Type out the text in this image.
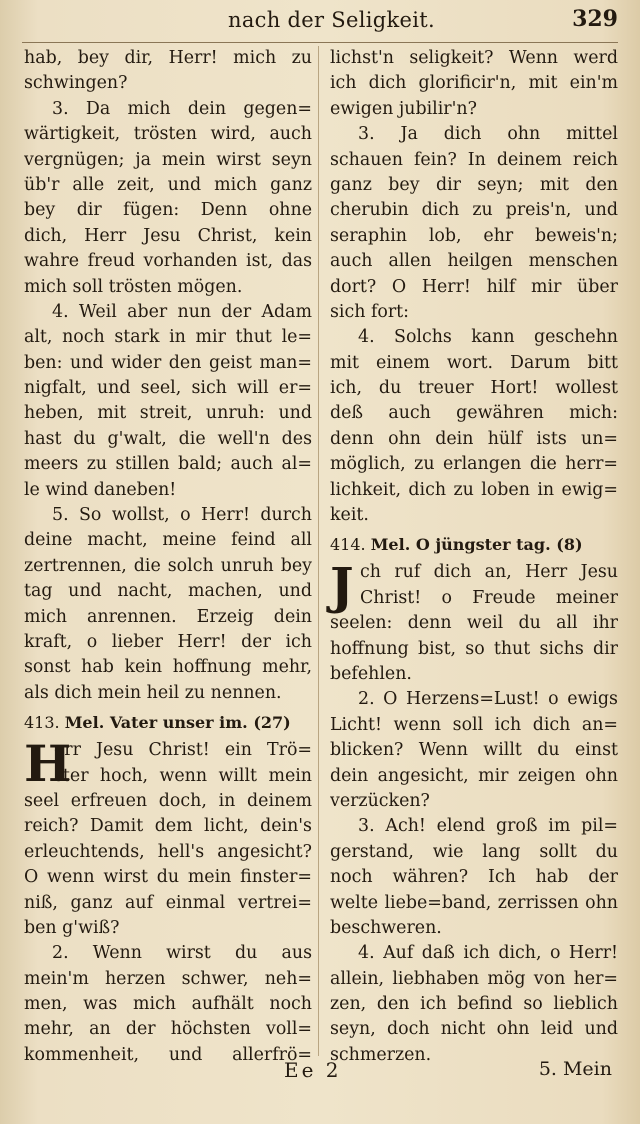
nach der Seligkeit.	329
hab, bey dir, Herr! mich zu
schwingen?
3. Da mich dein gegen=
wärtigkeit, trösten wird, auch
vergnügen; ja mein wirst seyn
üb'r alle zeit, und mich ganz
bey dir fügen: Denn ohne
dich, Herr Jesu Christ, kein
wahre freud vorhanden ist, das
mich soll trösten mögen.
4. Weil aber nun der Adam
alt, noch stark in mir thut le=
ben: und wider den geist man=
nigfalt, und seel, sich will er=
heben, mit streit, unruh: und
hast du g'walt, die well'n des
meers zu stillen bald; auch al=
le wind daneben!
5. So wollst, o Herr! durch
deine macht, meine feind all
zertrennen, die solch unruh bey
tag und nacht, machen, und
mich anrennen. Erzeig dein
kraft, o lieber Herr! der ich
sonst hab kein hoffnung mehr,
als dich mein heil zu nennen.
413. Mel. Vater unser im. (27)
H
err Jesu Christ! ein Trö=
ster hoch, wenn willt mein
seel erfreuen doch, in deinem
reich? Damit dem licht, dein's
erleuchtends, hell's angesicht?
O wenn wirst du mein finster=
niß, ganz auf einmal vertrei=
ben g'wiß?
2. Wenn wirst du aus
mein'm herzen schwer, neh=
men, was mich aufhält noch
mehr, an der höchsten voll=
kommenheit, und allerfrö=
lichst'n seligkeit? Wenn werd
ich dich glorificir'n, mit ein'm
ewigen jubilir'n?
3. Ja dich ohn mittel
schauen fein? In deinem reich
ganz bey dir seyn; mit den
cherubin dich zu preis'n, und
seraphin lob, ehr beweis'n;
auch allen heilgen menschen
dort? O Herr! hilf mir über
sich fort:
4. Solchs kann geschehn
mit einem wort. Darum bitt
ich, du treuer Hort! wollest
deß auch gewähren mich:
denn ohn dein hülf ists un=
möglich, zu erlangen die herr=
lichkeit, dich zu loben in ewig=
keit.
414. Mel. O jüngster tag. (8)
J ch ruf dich an, Herr Jesu
Christ! o Freude meiner
seelen: denn weil du all ihr
hoffnung bist, so thut sichs dir
befehlen.
2. O Herzens=Lust! o ewigs
Licht! wenn soll ich dich an=
blicken? Wenn willt du einst
dein angesicht, mir zeigen ohn
verzücken?
3. Ach! elend groß im pil=
gerstand, wie lang sollt du
noch währen? Ich hab der
welte liebe=band, zerrissen ohn
beschweren.
4. Auf daß ich dich, o Herr!
allein, liebhaben mög von her=
zen, den ich befind so lieblich
seyn, doch nicht ohn leid und
schmerzen.
Ee 2	5. Mein
